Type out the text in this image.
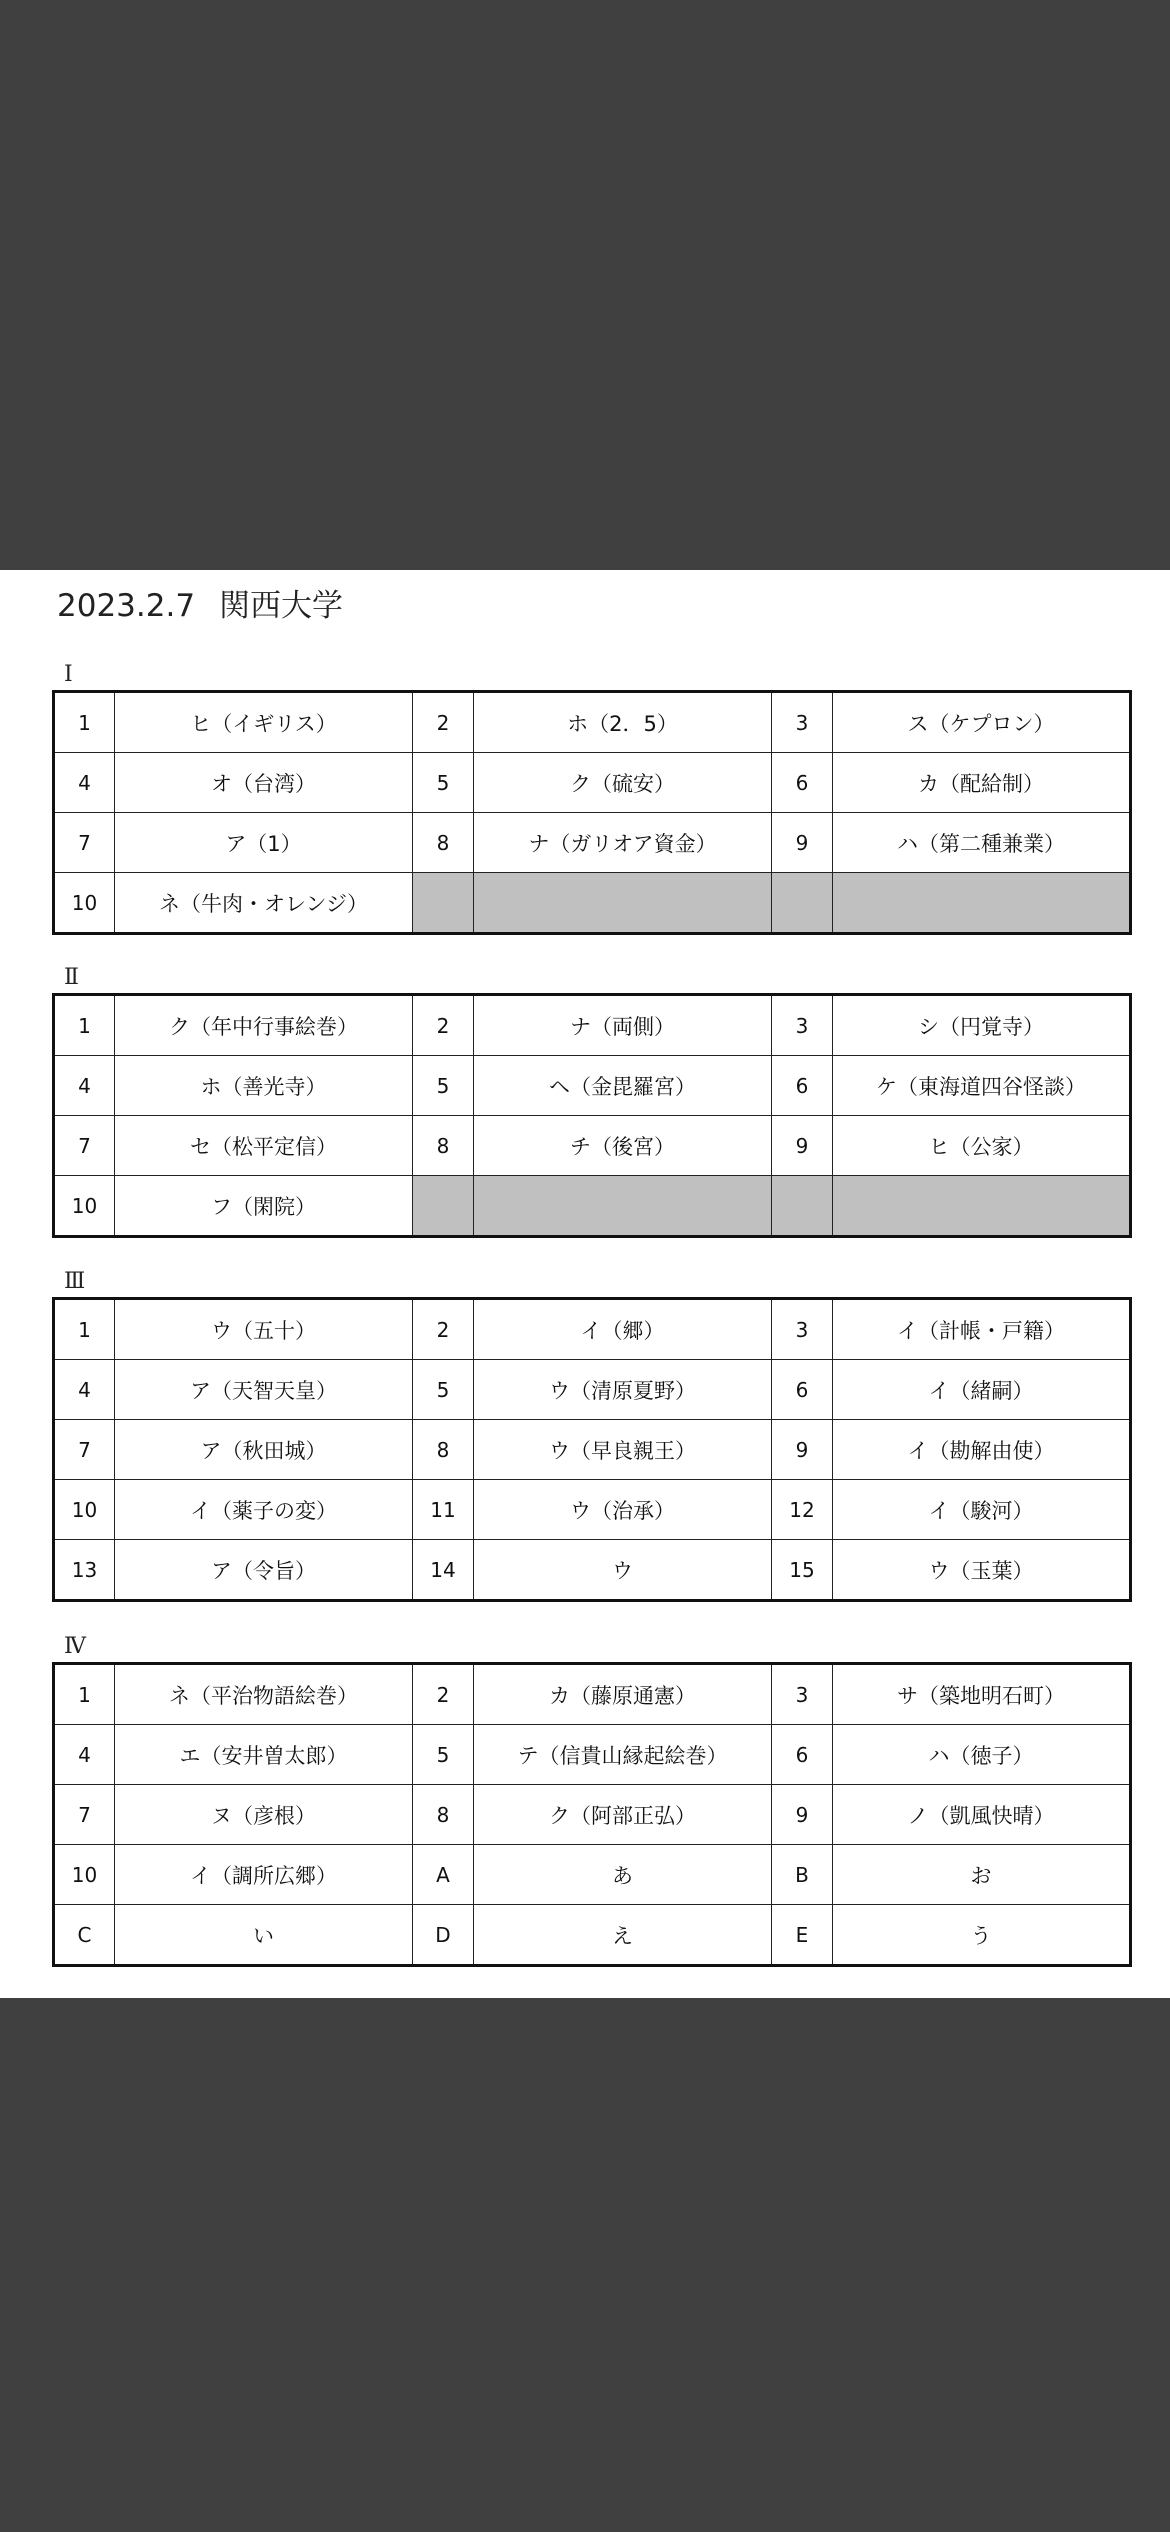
2023.2.7 関西大学
Ⅰ
1	ヒ（イギリス）	2	ホ（2．5）	3	ス（ケプロン）
4	オ（台湾）	5	ク（硫安）	6	カ（配給制）
7	ア（1）	8	ナ（ガリオア資金）	9	ハ（第二種兼業）
10	ネ（牛肉・オレンジ）				
Ⅱ
1	ク（年中行事絵巻）	2	ナ（両側）	3	シ（円覚寺）
4	ホ（善光寺）	5	ヘ（金毘羅宮）	6	ケ（東海道四谷怪談）
7	セ（松平定信）	8	チ（後宮）	9	ヒ（公家）
10	フ（閑院）				
Ⅲ
1	ウ（五十）	2	イ（郷）	3	イ（計帳・戸籍）
4	ア（天智天皇）	5	ウ（清原夏野）	6	イ（緒嗣）
7	ア（秋田城）	8	ウ（早良親王）	9	イ（勘解由使）
10	イ（薬子の変）	11	ウ（治承）	12	イ（駿河）
13	ア（令旨）	14	ウ	15	ウ（玉葉）
Ⅳ
1	ネ（平治物語絵巻）	2	カ（藤原通憲）	3	サ（築地明石町）
4	エ（安井曽太郎）	5	テ（信貴山縁起絵巻）	6	ハ（徳子）
7	ヌ（彦根）	8	ク（阿部正弘）	9	ノ（凱風快晴）
10	イ（調所広郷）	A	あ	B	お
C	い	D	え	E	う
